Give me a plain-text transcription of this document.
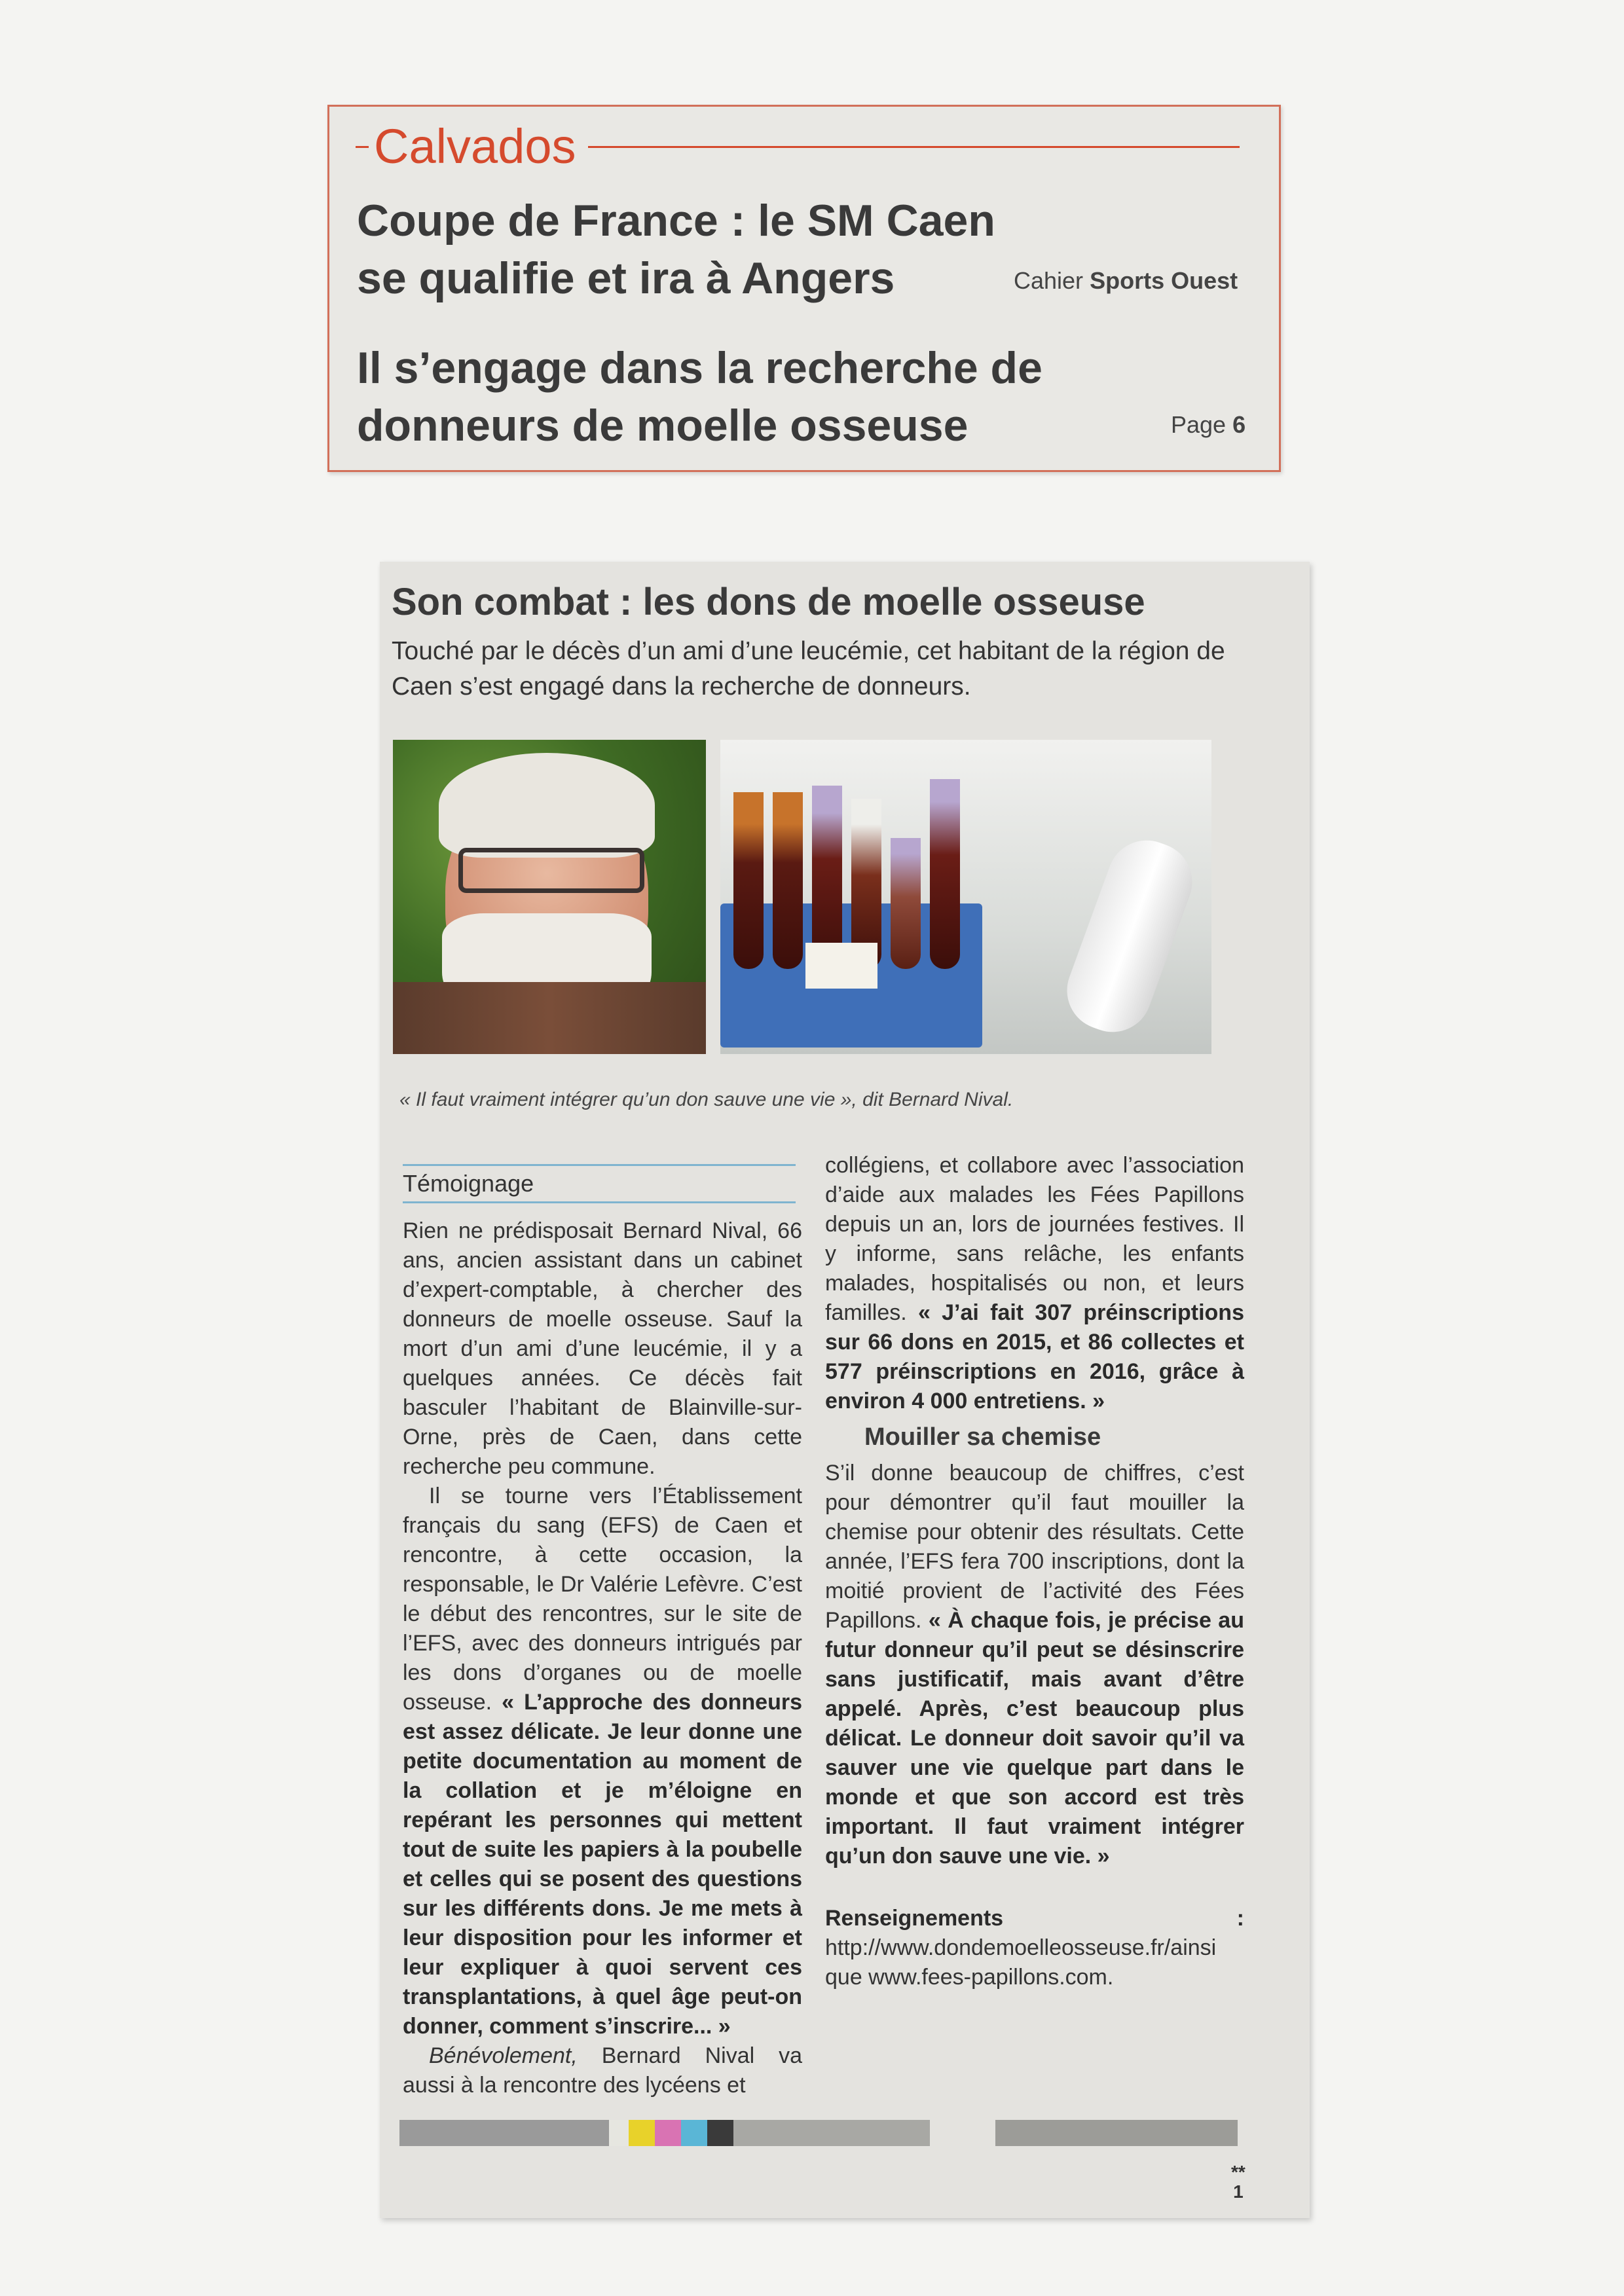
Calvados
Coupe de France : le SM Caen se qualifie et ira à Angers	Cahier Sports Ouest
Il s’engage dans la recherche de donneurs de moelle osseuse	Page 6
Son combat : les dons de moelle osseuse
Touché par le décès d’un ami d’une leucémie, cet habitant de la région de Caen s’est engagé dans la recherche de donneurs.
« Il faut vraiment intégrer qu’un don sauve une vie », dit Bernard Nival.
Témoignage

Rien ne prédisposait Bernard Nival, 66 ans, ancien assistant dans un cabinet d’expert-comptable, à chercher des donneurs de moelle osseuse. Sauf la mort d’un ami d’une leucémie, il y a quelques années. Ce décès fait basculer l’habitant de Blainville-sur-Orne, près de Caen, dans cette recherche peu commune.

Il se tourne vers l’Établissement français du sang (EFS) de Caen et rencontre, à cette occasion, la responsable, le Dr Valérie Lefèvre. C’est le début des rencontres, sur le site de l’EFS, avec des donneurs intrigués par les dons d’organes ou de moelle osseuse. « L’approche des donneurs est assez délicate. Je leur donne une petite documentation au moment de la collation et je m’éloigne en repérant les personnes qui mettent tout de suite les papiers à la poubelle et celles qui se posent des questions sur les différents dons. Je me mets à leur disposition pour les informer et leur expliquer à quoi servent ces transplantations, à quel âge peut-on donner, comment s’inscrire... »

Bénévolement, Bernard Nival va aussi à la rencontre des lycéens et

collégiens, et collabore avec l’association d’aide aux malades les Fées Papillons depuis un an, lors de journées festives. Il y informe, sans relâche, les enfants malades, hospitalisés ou non, et leurs familles. « J’ai fait 307 préinscriptions sur 66 dons en 2015, et 86 collectes et 577 préinscriptions en 2016, grâce à environ 4 000 entretiens. »

Mouiller sa chemise

S’il donne beaucoup de chiffres, c’est pour démontrer qu’il faut mouiller la chemise pour obtenir des résultats. Cette année, l’EFS fera 700 inscriptions, dont la moitié provient de l’activité des Fées Papillons. « À chaque fois, je précise au futur donneur qu’il peut se désinscrire sans justificatif, mais avant d’être appelé. Après, c’est beaucoup plus délicat. Le donneur doit savoir qu’il va sauver une vie quelque part dans le monde et que son accord est très important. Il faut vraiment intégrer qu’un don sauve une vie. »

Renseignements : http://www.dondemoelleosseuse.fr/ainsi que www.fees-papillons.com.

**
1
